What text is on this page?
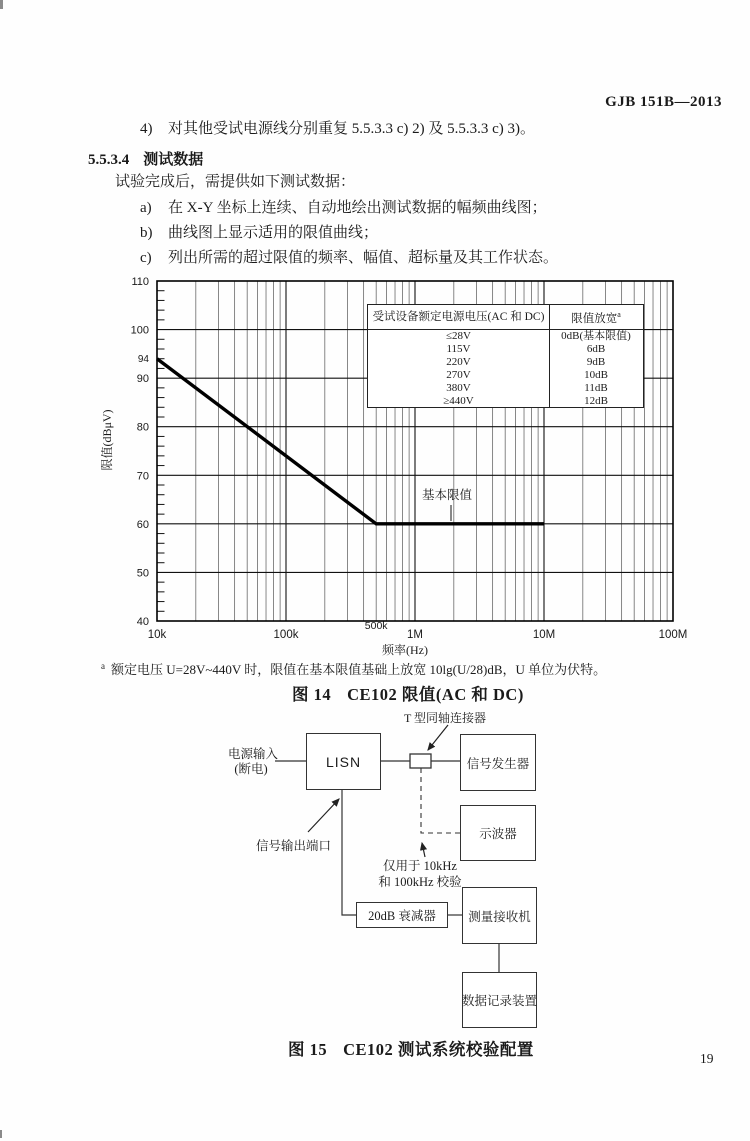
GJB 151B—2013
4) 对其他受试电源线分别重复 5.5.3.3 c) 2) 及 5.5.3.3 c) 3)。
5.5.3.4 测试数据
试验完成后，需提供如下测试数据：
a) 在 X-Y 坐标上连续、自动地绘出测试数据的幅频曲线图；
b) 曲线图上显示适用的限值曲线；
c) 列出所需的超过限值的频率、幅值、超标量及其工作状态。
基本限值
110
100
90
80
70
60
50
40
94
10k	100k
500k
1M	10M	100M
频率(Hz)
限值(dBμV)
受试设备额定电源电压(AC 和 DC)	限值放宽$^a$
≤28V	0dB(基本限值)
115V	6dB
220V	9dB
270V	10dB
380V	11dB
≥440V	12dB
$^a$ 额定电压 U=28V~440V 时，限值在基本限值基础上放宽 10lg(U/28)dB，U 单位为伏特。
图 14 CE102 限值(AC 和 DC)
LISN	信号发生器
示波器
20dB 衰减器	测量接收机
数据记录装置
T 型同轴连接器
电源输入
(断电)
信号输出端口
仅用于 10kHz
和 100kHz 校验
图 15 CE102 测试系统校验配置	19
